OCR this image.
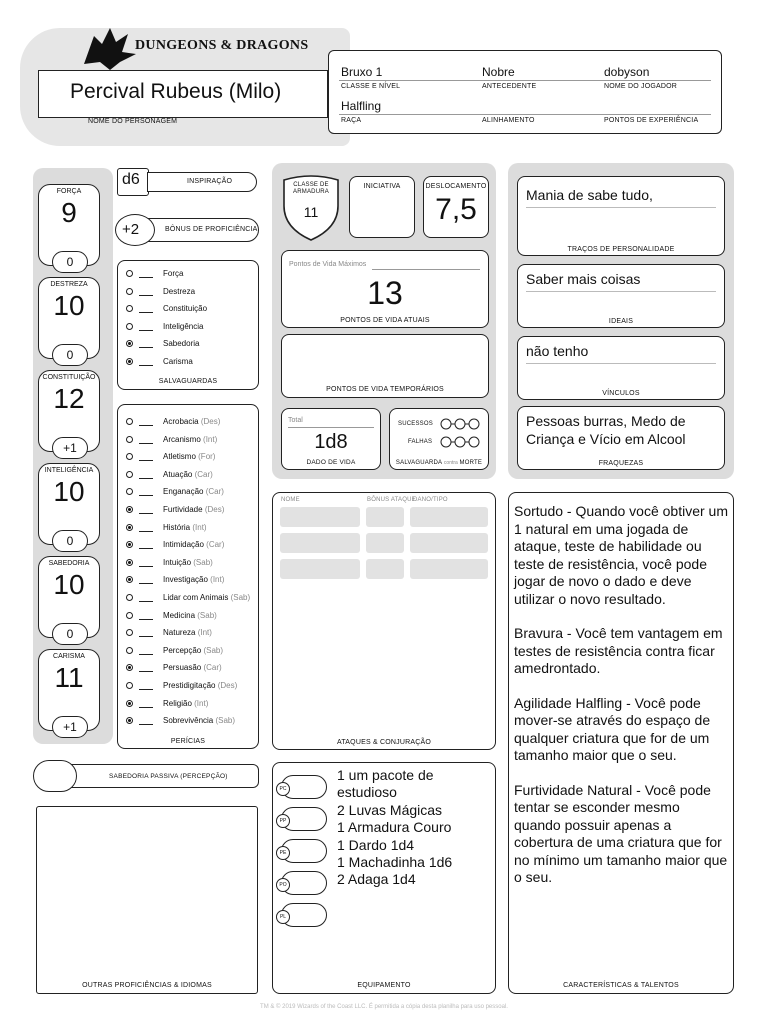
DUNGEONS & DRAGONS
Percival Rubeus (Milo)
NOME DO PERSONAGEM
Bruxo 1
CLASSE E NÍVEL
Nobre
ANTECEDENTE
dobyson
NOME DO JOGADOR
Halfling
RAÇA	ALINHAMENTO	PONTOS DE EXPERIÊNCIA
FORÇA
9
0
DESTREZA
10
0
CONSTITUIÇÃO
12
+1
INTELIGÊNCIA
10
0
SABEDORIA
10
0
CARISMA
11
+1
d6	INSPIRAÇÃO
+2	BÔNUS DE PROFICIÊNCIA
Força
Destreza
Constituição
Inteligência
Sabedoria
Carisma
SALVAGUARDAS
Acrobacia (Des)
Arcanismo (Int)
Atletismo (For)
Atuação (Car)
Enganação (Car)
Furtividade (Des)
História (Int)
Intimidação (Car)
Intuição (Sab)
Investigação (Int)
Lidar com Animais (Sab)
Medicina (Sab)
Natureza (Int)
Percepção (Sab)
Persuasão (Car)
Prestidigitação (Des)
Religião (Int)
Sobrevivência (Sab)
PERÍCIAS
SABEDORIA PASSIVA (PERCEPÇÃO)
OUTRAS PROFICIÊNCIAS & IDIOMAS
CLASSE DE ARMADURA
11
INICIATIVA	DESLOCAMENTO
7,5
Pontos de Vida Máximos
13
PONTOS DE VIDA ATUAIS
PONTOS DE VIDA TEMPORÁRIOS
Total
1d8
DADO DE VIDA
SUCESSOS
FALHAS
SALVAGUARDA contra MORTE
NOME	BÔNUS ATAQUE
DANO/TIPO
ATAQUES & CONJURAÇÃO
PC
PP
PE
PO
PL
1 um pacote de
estudioso
2 Luvas Mágicas
1 Armadura Couro
1 Dardo 1d4
1 Machadinha 1d6
2 Adaga 1d4
EQUIPAMENTO
Mania de sabe tudo,
TRAÇOS DE PERSONALIDADE
Saber mais coisas
IDEAIS
não tenho
VÍNCULOS
Pessoas burras, Medo de Criança e Vício em Alcool
FRAQUEZAS
Sortudo - Quando você obtiver um 1 natural em uma jogada de ataque, teste de habilidade ou teste de resistência, você pode jogar de novo o dado e deve utilizar o novo resultado.
Bravura - Você tem vantagem em testes de resistência contra ficar amedrontado.
Agilidade Halfling - Você pode mover-se através do espaço de qualquer criatura que for de um tamanho maior que o seu.
Furtividade Natural - Você pode tentar se esconder mesmo quando possuir apenas a cobertura de uma criatura que for no mínimo um tamanho maior que o seu.
CARACTERÍSTICAS & TALENTOS
TM & © 2019 Wizards of the Coast LLC. É permitida a cópia desta planilha para uso pessoal.
